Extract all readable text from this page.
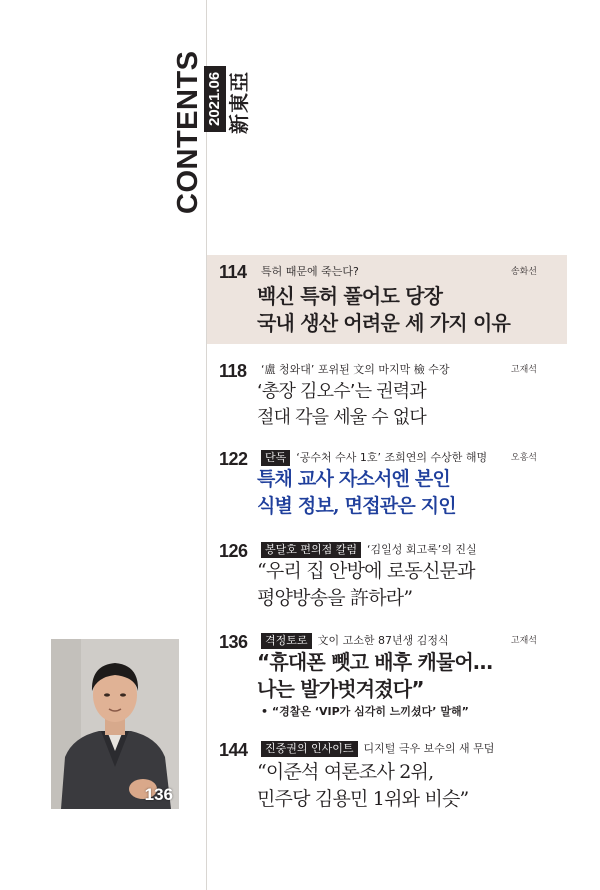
CONTENTS 2021.06 新東亞
114 특허 때문에 죽는다?	송화선
백신 특허 풀어도 당장
국내 생산 어려운 세 가지 이유
118 ‘盧 청와대’ 포위된 文의 마지막 檢 수장	고재석
‘총장 김오수’는 권력과
절대 각을 세울 수 없다
122	단독 ‘공수처 수사 1호’ 조희연의 수상한 해명	오홍석
특채 교사 자소서엔 본인
식별 정보, 면접관은 지인
126	봉달호 편의점 칼럼 ‘김일성 회고록’의 진실
“우리 집 안방에 로동신문과
평양방송을 許하라”
136	격정토로 文이 고소한 87년생 김정식	고재석
“휴대폰 뺏고 배후 캐물어…
나는 발가벗겨졌다”
• “경찰은 ‘VIP가 심각히 느끼셨다’ 말해”
144	진중권의 인사이트 디지털 극우 보수의 새 무덤
“이준석 여론조사 2위,
민주당 김용민 1위와 비슷”
136
